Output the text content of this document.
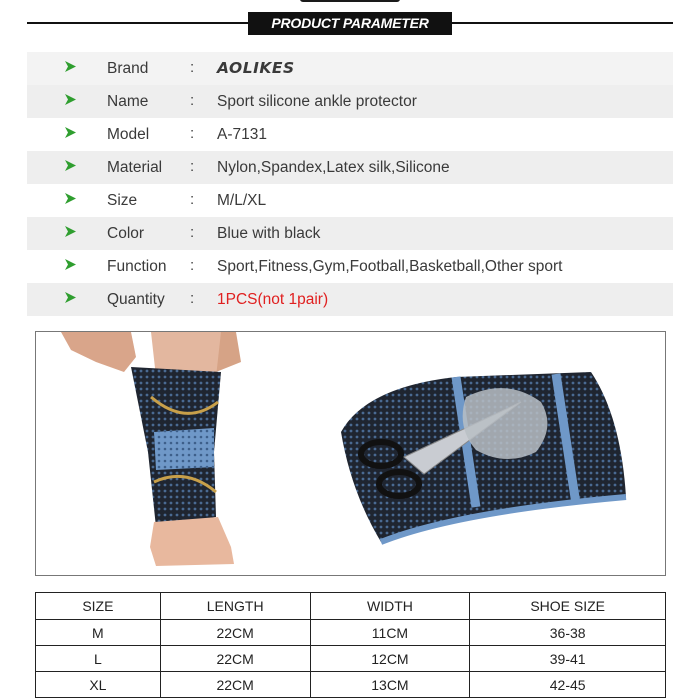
PRODUCT PARAMETER
Brand	: AOLIKES
Name	: Sport silicone ankle protector
Model	: A-7131
Material : Nylon,Spandex,Latex silk,Silicone
Size	: M/L/XL
Color	: Blue with black
Function : Sport,Fitness,Gym,Football,Basketball,Other sport
Quantity : 1PCS(not 1pair)
SIZE	LENGTH	WIDTH	SHOE SIZE
M	22CM	11CM	36-38
L	22CM	12CM	39-41
XL	22CM	13CM	42-45
